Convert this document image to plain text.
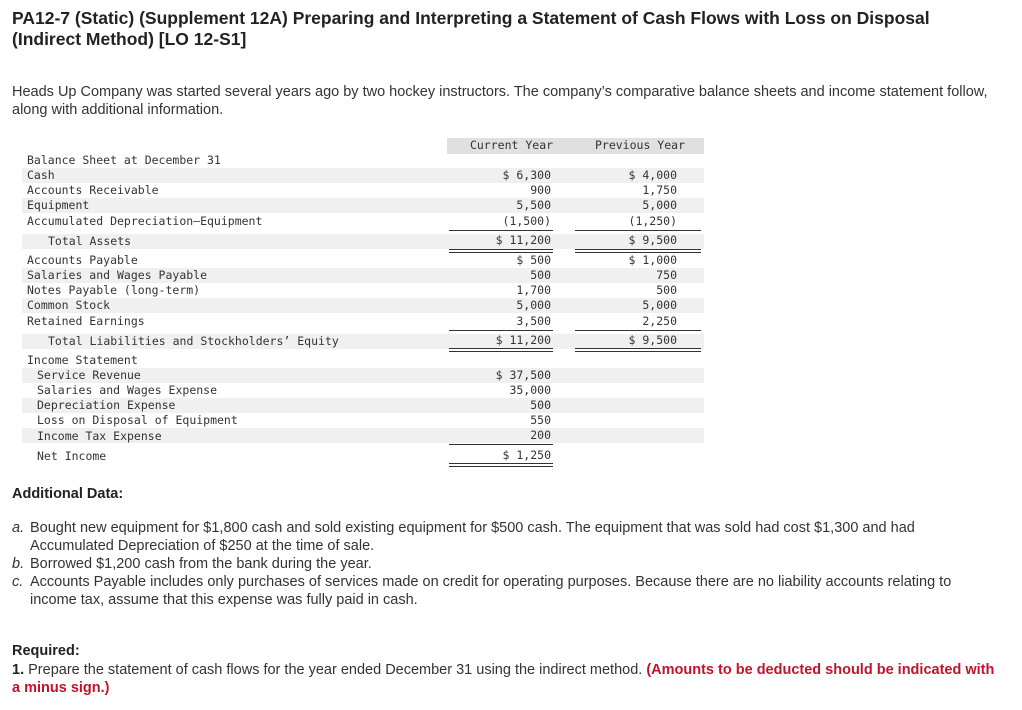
PA12-7 (Static) (Supplement 12A) Preparing and Interpreting a Statement of Cash Flows with Loss on Disposal (Indirect Method) [LO 12-S1]
Heads Up Company was started several years ago by two hockey instructors. The company’s comparative balance sheets and income statement follow, along with additional information.
Current Year	Previous Year
Balance Sheet at December 31
Cash	$ 6,300	$ 4,000
Accounts Receivable	900	1,750
Equipment	5,500	5,000
Accumulated Depreciation—Equipment	(1,500)	(1,250)
Total Assets	$ 11,200	$ 9,500
Accounts Payable	$ 500	$ 1,000
Salaries and Wages Payable	500	750
Notes Payable (long-term)	1,700	500
Common Stock	5,000	5,000
Retained Earnings	3,500	2,250
Total Liabilities and Stockholders’ Equity	$ 11,200	$ 9,500
Income Statement
Service Revenue	$ 37,500
Salaries and Wages Expense	35,000
Depreciation Expense	500
Loss on Disposal of Equipment	550
Income Tax Expense	200
Net Income	$ 1,250
Additional Data:
a. Bought new equipment for $1,800 cash and sold existing equipment for $500 cash. The equipment that was sold had cost $1,300 and had Accumulated Depreciation of $250 at the time of sale.
b. Borrowed $1,200 cash from the bank during the year.
c. Accounts Payable includes only purchases of services made on credit for operating purposes. Because there are no liability accounts relating to income tax, assume that this expense was fully paid in cash.
Required:
1. Prepare the statement of cash flows for the year ended December 31 using the indirect method. (Amounts to be deducted should be indicated with a minus sign.)
